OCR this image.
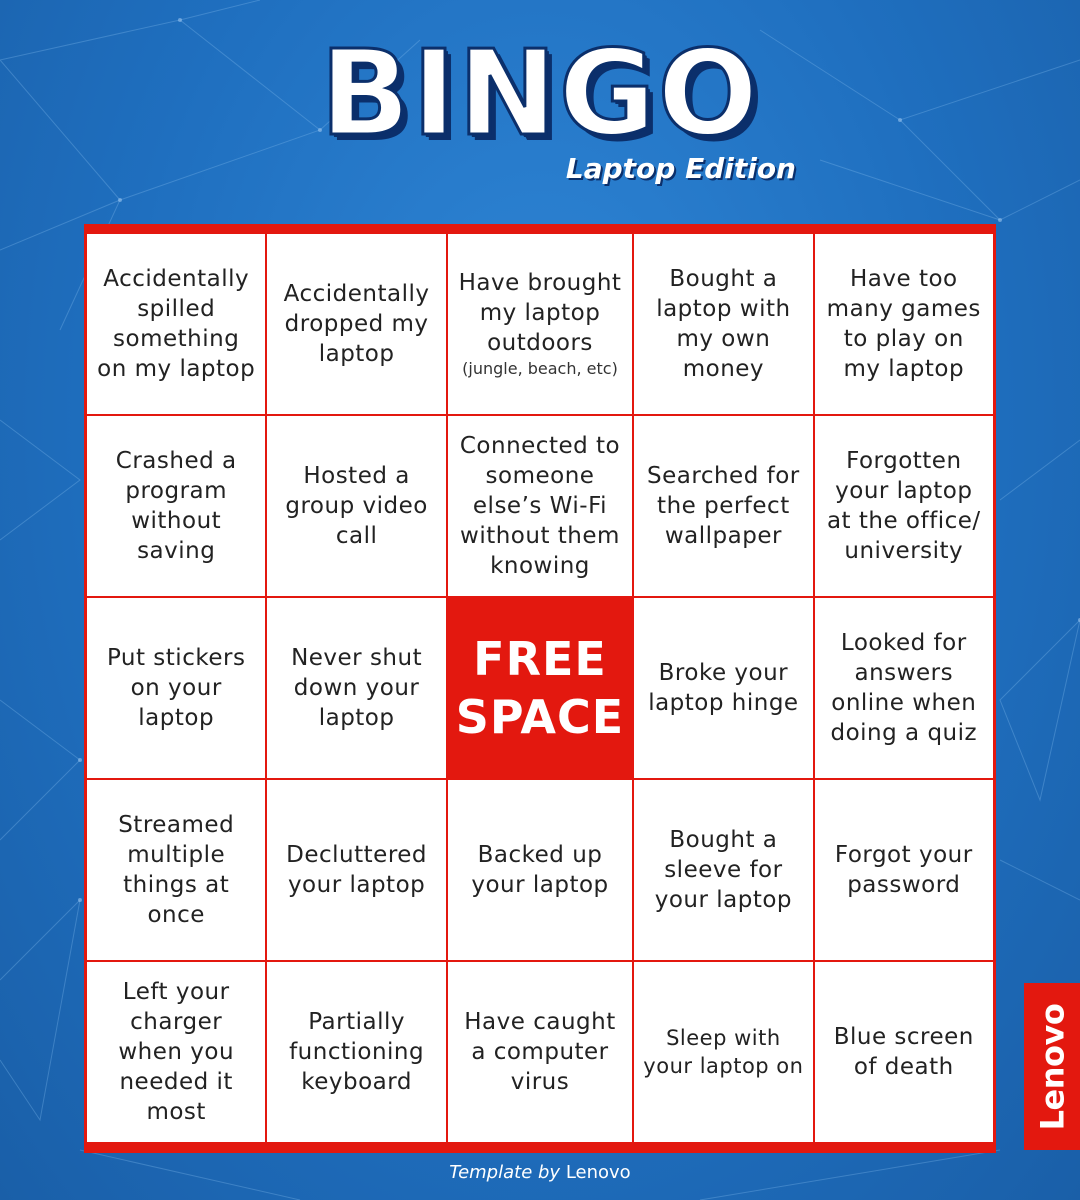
BINGO
Laptop Edition
Accidentally spilled something on my laptop
Accidentally dropped my laptop
Have brought my laptop outdoors
(jungle, beach, etc)
Bought a laptop with my own money
Have too many games to play on my laptop
Crashed a program without saving
Hosted a group video call
Connected to someone else’s Wi-Fi without them knowing
Searched for the perfect wallpaper
Forgotten your laptop at the office/ university
Put stickers on your laptop
Never shut down your laptop
FREE SPACE
Broke your laptop hinge
Looked for answers online when doing a quiz
Streamed multiple things at once
Decluttered your laptop
Backed up your laptop
Bought a sleeve for your laptop
Forgot your password
Left your charger when you needed it most
Partially functioning keyboard
Have caught a computer virus
Sleep with your laptop on
Blue screen of death
Template by Lenovo
Lenovo
